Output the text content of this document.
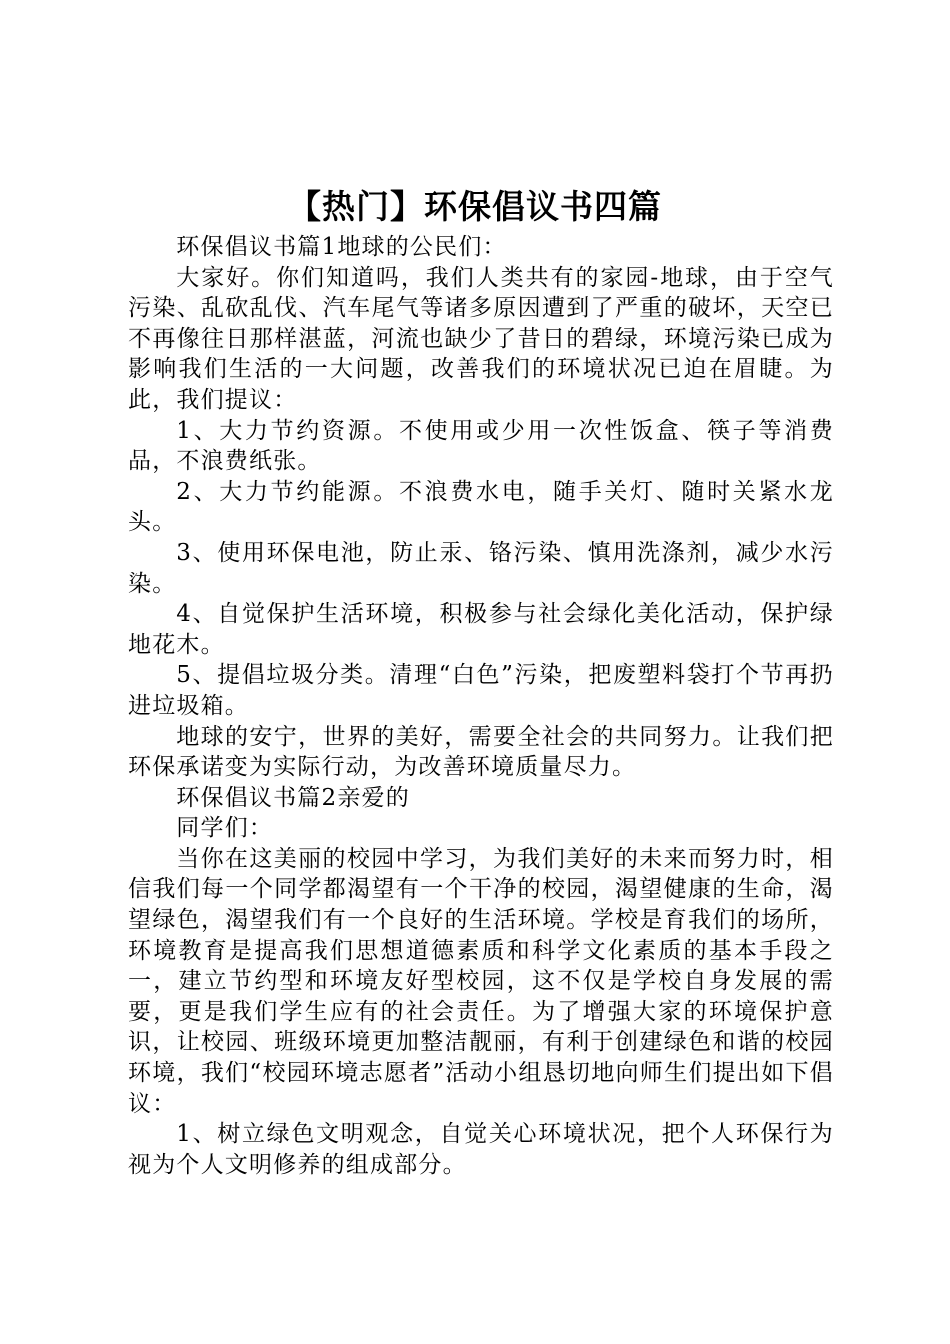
【热门】环保倡议书四篇

环保倡议书篇1地球的公民们：

大家好。你们知道吗，我们人类共有的家园-地球，由于空气污染、乱砍乱伐、汽车尾气等诸多原因遭到了严重的破坏，天空已不再像往日那样湛蓝，河流也缺少了昔日的碧绿，环境污染已成为影响我们生活的一大问题，改善我们的环境状况已迫在眉睫。为此，我们提议：

1、大力节约资源。不使用或少用一次性饭盒、筷子等消费品，不浪费纸张。

2、大力节约能源。不浪费水电，随手关灯、随时关紧水龙头。

3、使用环保电池，防止汞、铬污染、慎用洗涤剂，减少水污染。

4、自觉保护生活环境，积极参与社会绿化美化活动，保护绿地花木。

5、提倡垃圾分类。清理“白色”污染，把废塑料袋打个节再扔进垃圾箱。

地球的安宁，世界的美好，需要全社会的共同努力。让我们把环保承诺变为实际行动，为改善环境质量尽力。

环保倡议书篇2亲爱的

同学们：

当你在这美丽的校园中学习，为我们美好的未来而努力时，相信我们每一个同学都渴望有一个干净的校园，渴望健康的生命，渴望绿色，渴望我们有一个良好的生活环境。学校是育我们的场所，环境教育是提高我们思想道德素质和科学文化素质的基本手段之一，建立节约型和环境友好型校园，这不仅是学校自身发展的需要，更是我们学生应有的社会责任。为了增强大家的环境保护意识，让校园、班级环境更加整洁靓丽，有利于创建绿色和谐的校园环境，我们“校园环境志愿者”活动小组恳切地向师生们提出如下倡议：

1、树立绿色文明观念，自觉关心环境状况，把个人环保行为视为个人文明修养的组成部分。
